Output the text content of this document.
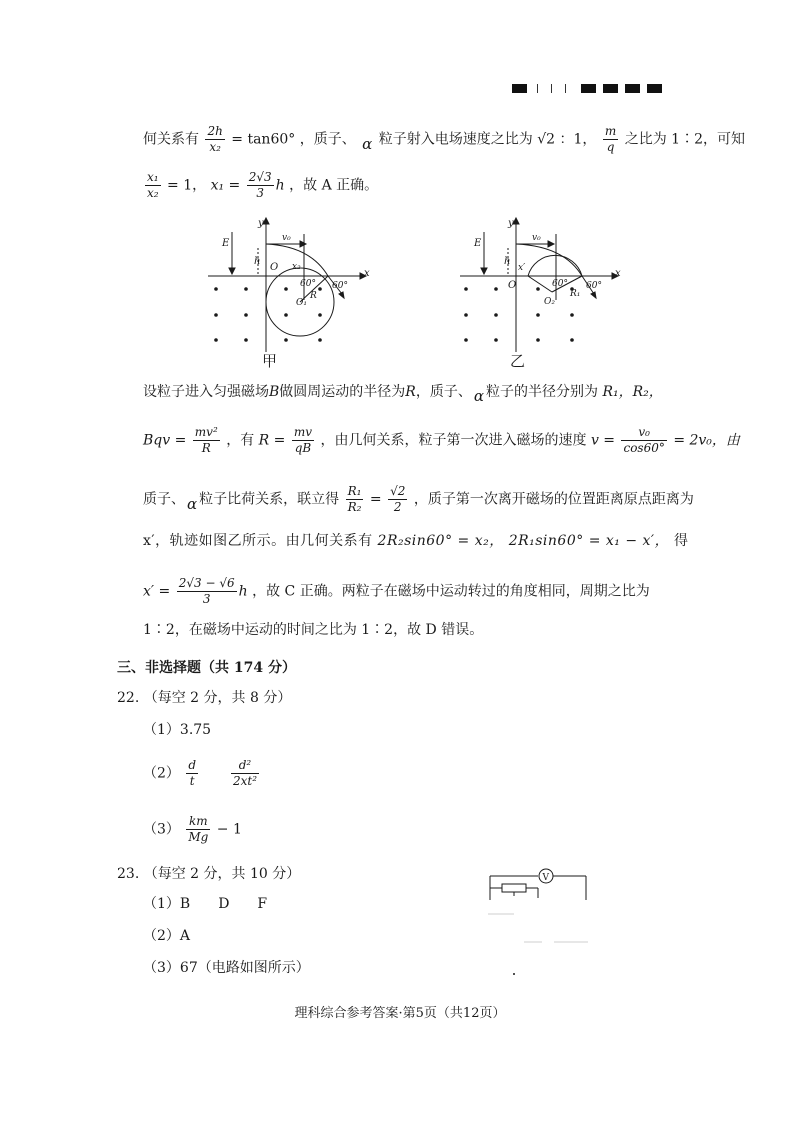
何关系有 $\frac{2h}{\text{x₂}} = \tan 60^\circ$ ，质子、 α 粒子射入电场速度之比为 √2 ：1， $\frac{m}{q}$ 之比为 1∶2，可知
$\frac{\text{x₁}}{\text{x₂}} = 1$， $x_1 = \frac{2√3}{3}$ h ，故 A 正确。
E
y
x
v₀
h
O x₂
60° 60°
O₁
R
甲
E
y
x
v₀
h
O
x′
60° 60°
O₂
R₁
乙
设粒子进入匀强磁场B做圆周运动的半径为R，质子、 α 粒子的半径分别为 R₁，R₂，
Bqv = $\frac{\text{mv²}}{R}$ ，有 $R = \frac{mv}{qB}$ ，由几何关系，粒子第一次进入磁场的速度 $v = \frac{\text{v₀}}{\cos 60^\circ} = 2v_0$，由
质子、 α 粒子比荷关系，联立得 $\frac{\text{R₁}}{\text{R₂}} = \frac{√2}{2}$ ，质子第一次离开磁场的位置距离原点距离为
x′，轨迹如图乙所示。由几何关系有 2R₂sin60° = x₂， 2R₁sin60° = x₁ − x′， 得
$x' = \frac{2√3 - √6}{3}$ h ，故 C 正确。两粒子在磁场中运动转过的角度相同，周期之比为
1∶2，在磁场中运动的时间之比为 1∶2，故 D 错误。
三、非选择题（共 174 分）
22. （每空 2 分，共 8 分）
（1）3.75
$(2) \frac{d}{t}$
	$\frac{\text{d²}}{\text{2xt²}}$
$(3) \frac{km}{Mg} - 1$
23. （每空 2 分，共 10 分）
（1）B　　D　　F
（2）A
（3）67（电路如图所示）
V
理科综合参考答案·第5页（共12页）
